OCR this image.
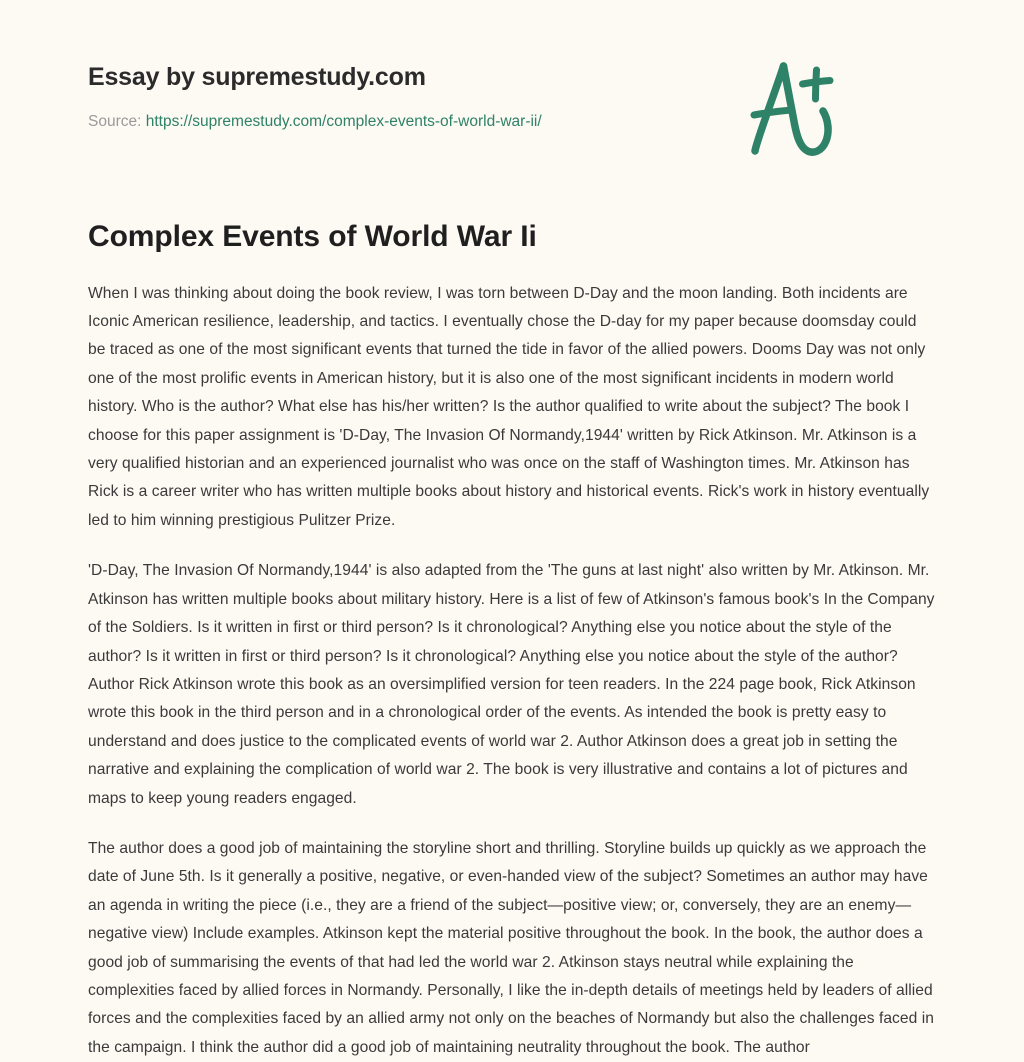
Essay by supremestudy.com
Source: https://supremestudy.com/complex-events-of-world-war-ii/
Complex Events of World War Ii

When I was thinking about doing the book review, I was torn between D-Day and the moon landing. Both incidents are Iconic American resilience, leadership, and tactics. I eventually chose the D-day for my paper because doomsday could be traced as one of the most significant events that turned the tide in favor of the allied powers. Dooms Day was not only one of the most prolific events in American history, but it is also one of the most significant incidents in modern world history. Who is the author? What else has his/her written? Is the author qualified to write about the subject? The book I choose for this paper assignment is 'D-Day, The Invasion Of Normandy,1944' written by Rick Atkinson. Mr. Atkinson is a very qualified historian and an experienced journalist who was once on the staff of Washington times. Mr. Atkinson has Rick is a career writer who has written multiple books about history and historical events. Rick's work in history eventually led to him winning prestigious Pulitzer Prize.

'D-Day, The Invasion Of Normandy,1944' is also adapted from the 'The guns at last night' also written by Mr. Atkinson. Mr. Atkinson has written multiple books about military history. Here is a list of few of Atkinson's famous book's In the Company of the Soldiers. Is it written in first or third person? Is it chronological? Anything else you notice about the style of the author? Is it written in first or third person? Is it chronological? Anything else you notice about the style of the author? Author Rick Atkinson wrote this book as an oversimplified version for teen readers. In the 224 page book, Rick Atkinson wrote this book in the third person and in a chronological order of the events. As intended the book is pretty easy to understand and does justice to the complicated events of world war 2. Author Atkinson does a great job in setting the narrative and explaining the complication of world war 2. The book is very illustrative and contains a lot of pictures and maps to keep young readers engaged.

The author does a good job of maintaining the storyline short and thrilling. Storyline builds up quickly as we approach the date of June 5th. Is it generally a positive, negative, or even-handed view of the subject? Sometimes an author may have an agenda in writing the piece (i.e., they are a friend of the subject—positive view; or, conversely, they are an enemy—negative view) Include examples. Atkinson kept the material positive throughout the book. In the book, the author does a good job of summarising the events of that had led the world war 2. Atkinson stays neutral while explaining the complexities faced by allied forces in Normandy. Personally, I like the in-depth details of meetings held by leaders of allied forces and the complexities faced by an allied army not only on the beaches of Normandy but also the challenges faced in the campaign. I think the author did a good job of maintaining neutrality throughout the book. The author
